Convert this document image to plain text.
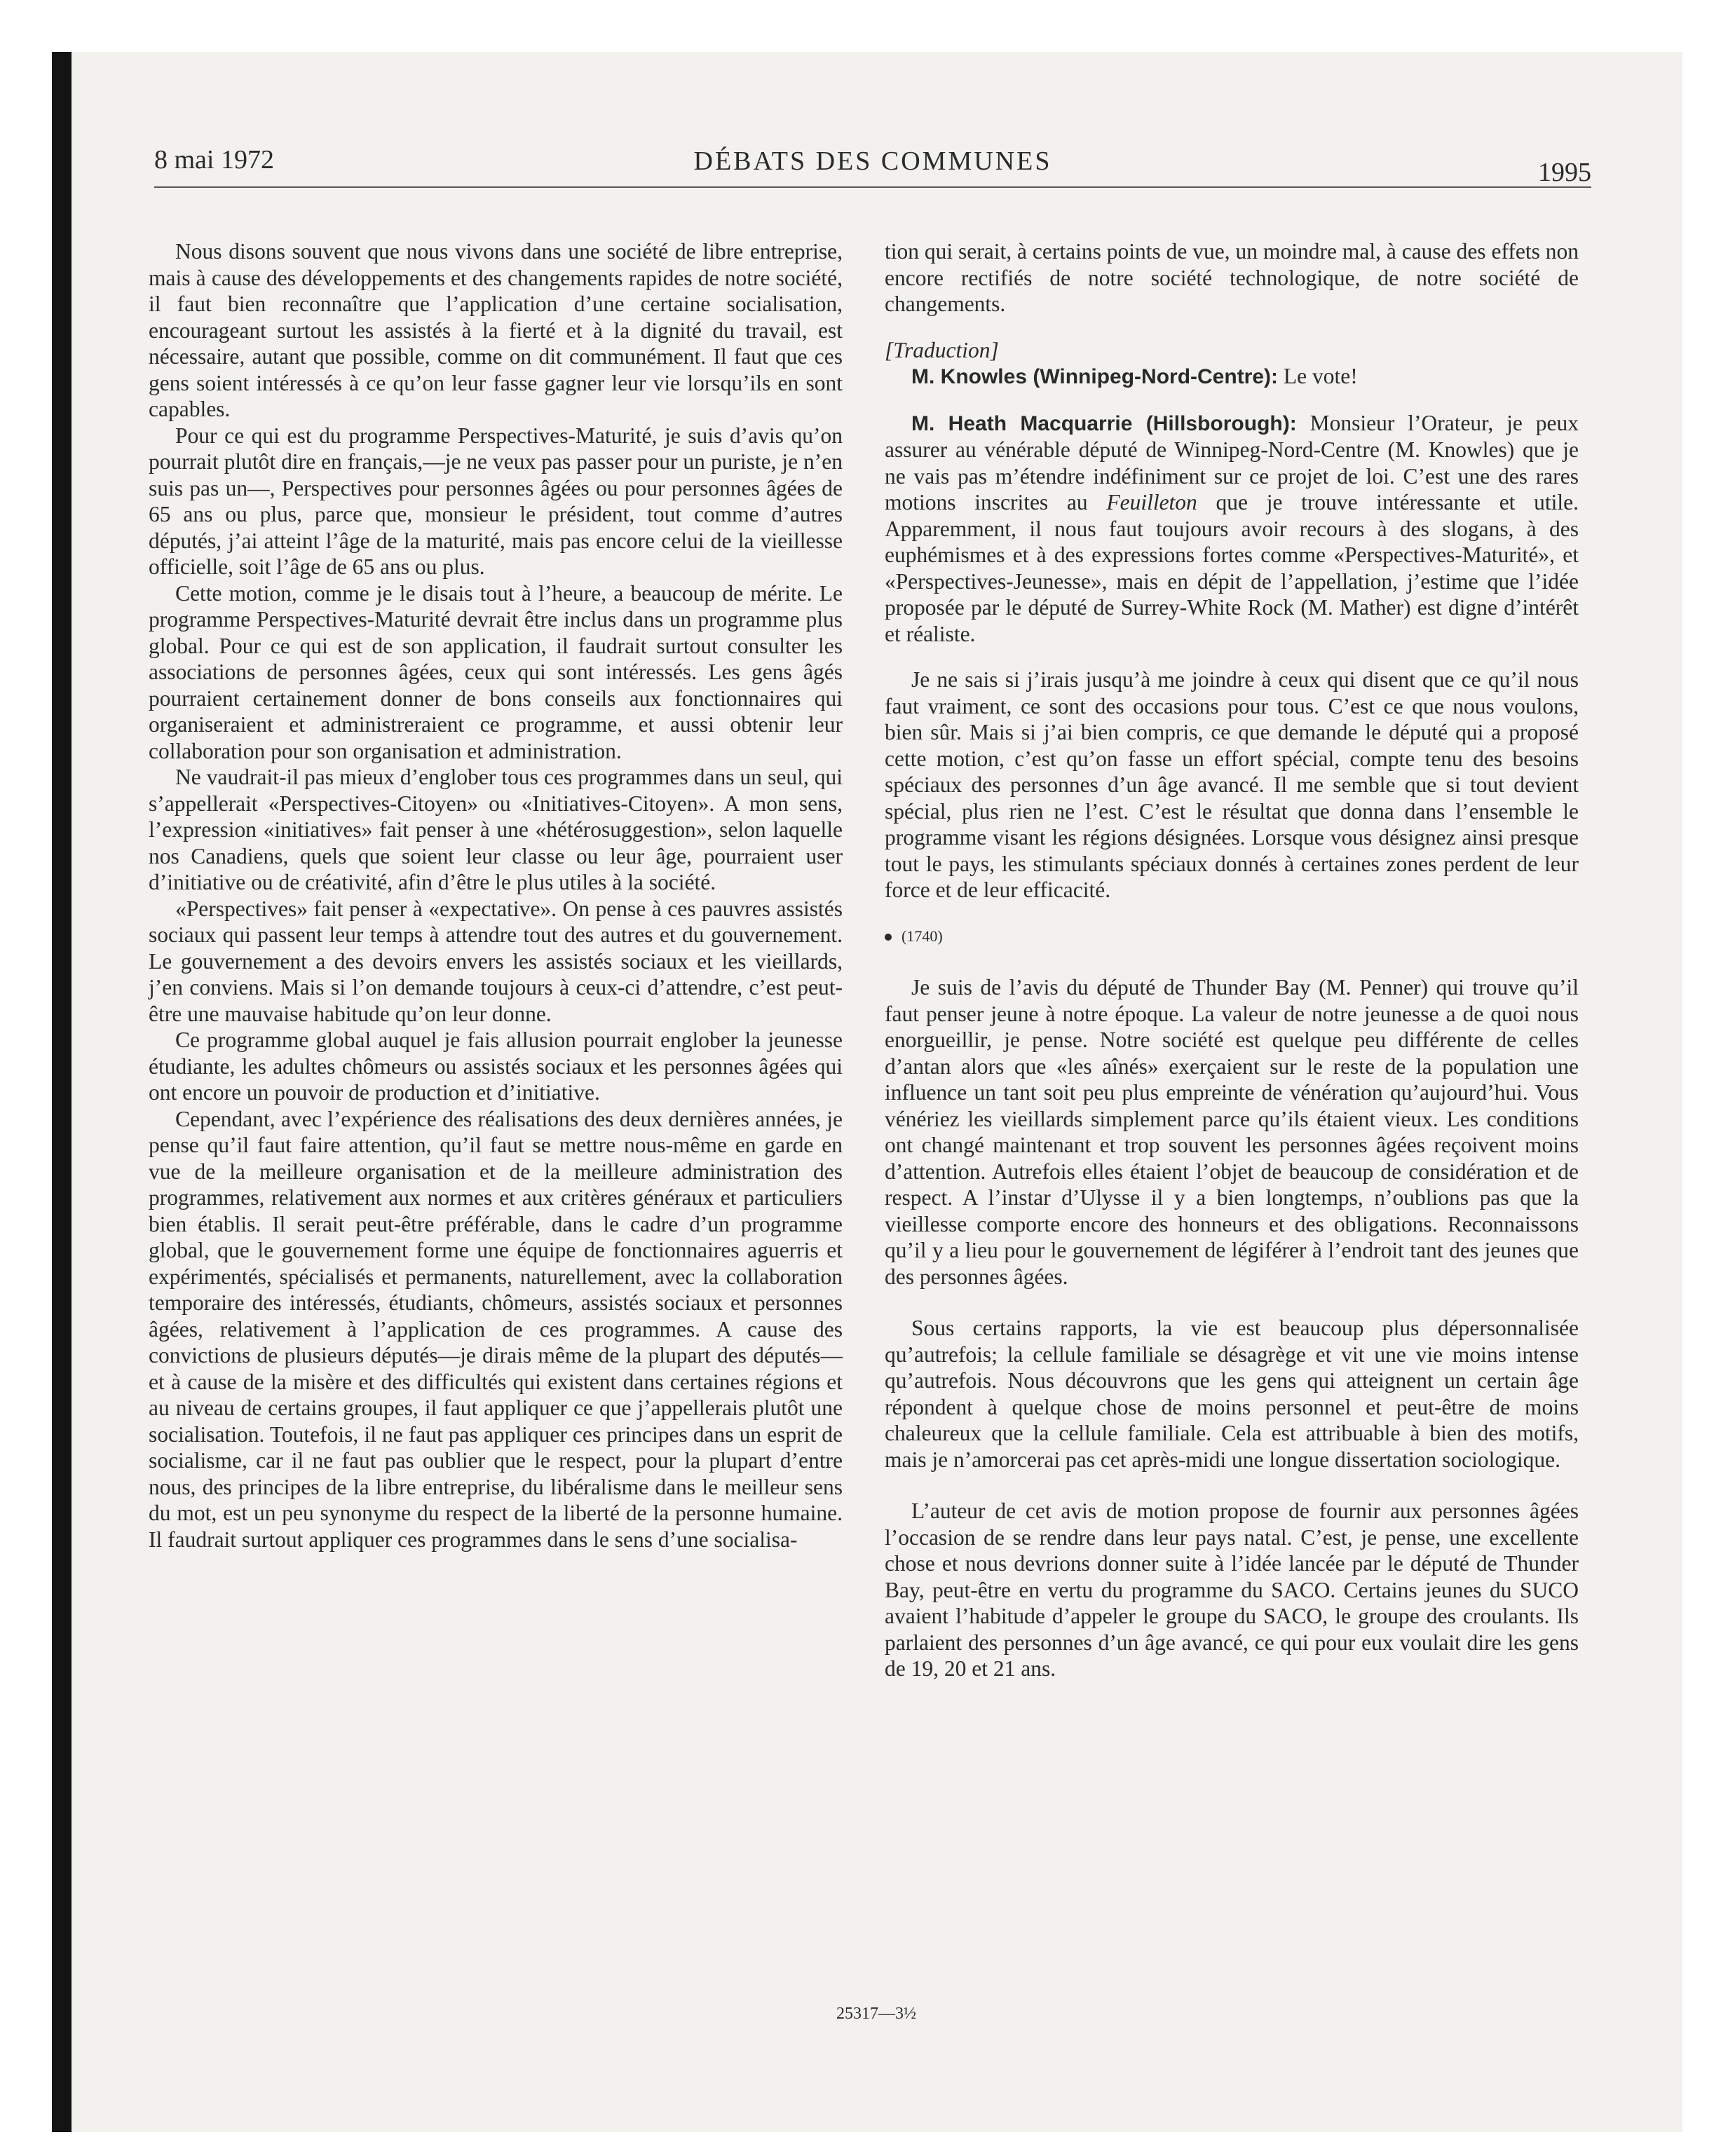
8 mai 1972	DÉBATS DES COMMUNES	1995

Nous disons souvent que nous vivons dans une société de libre entreprise, mais à cause des développements et des changements rapides de notre société, il faut bien reconnaître que l’application d’une certaine socialisation, encourageant surtout les assistés à la fierté et à la dignité du travail, est nécessaire, autant que possible, comme on dit communément. Il faut que ces gens soient intéressés à ce qu’on leur fasse gagner leur vie lorsqu’ils en sont capables.

Pour ce qui est du programme Perspectives-Maturité, je suis d’avis qu’on pourrait plutôt dire en français,—je ne veux pas passer pour un puriste, je n’en suis pas un—, Perspectives pour personnes âgées ou pour personnes âgées de 65 ans ou plus, parce que, monsieur le président, tout comme d’autres députés, j’ai atteint l’âge de la maturité, mais pas encore celui de la vieillesse officielle, soit l’âge de 65 ans ou plus.

Cette motion, comme je le disais tout à l’heure, a beaucoup de mérite. Le programme Perspectives-Maturité devrait être inclus dans un programme plus global. Pour ce qui est de son application, il faudrait surtout consulter les associations de personnes âgées, ceux qui sont intéressés. Les gens âgés pourraient certainement donner de bons conseils aux fonctionnaires qui organiseraient et administreraient ce programme, et aussi obtenir leur collaboration pour son organisation et administration.

Ne vaudrait-il pas mieux d’englober tous ces programmes dans un seul, qui s’appellerait «Perspectives-Citoyen» ou «Initiatives-Citoyen». A mon sens, l’expression «initiatives» fait penser à une «hétérosuggestion», selon laquelle nos Canadiens, quels que soient leur classe ou leur âge, pourraient user d’initiative ou de créativité, afin d’être le plus utiles à la société.

«Perspectives» fait penser à «expectative». On pense à ces pauvres assistés sociaux qui passent leur temps à attendre tout des autres et du gouvernement. Le gouvernement a des devoirs envers les assistés sociaux et les vieillards, j’en conviens. Mais si l’on demande toujours à ceux-ci d’attendre, c’est peut-être une mauvaise habitude qu’on leur donne.

Ce programme global auquel je fais allusion pourrait englober la jeunesse étudiante, les adultes chômeurs ou assistés sociaux et les personnes âgées qui ont encore un pouvoir de production et d’initiative.

Cependant, avec l’expérience des réalisations des deux dernières années, je pense qu’il faut faire attention, qu’il faut se mettre nous-même en garde en vue de la meilleure organisation et de la meilleure administration des programmes, relativement aux normes et aux critères généraux et particuliers bien établis. Il serait peut-être préférable, dans le cadre d’un programme global, que le gouvernement forme une équipe de fonctionnaires aguerris et expérimentés, spécialisés et permanents, naturellement, avec la collaboration temporaire des intéressés, étudiants, chômeurs, assistés sociaux et personnes âgées, relativement à l’application de ces programmes. A cause des convictions de plusieurs députés—je dirais même de la plupart des députés—et à cause de la misère et des difficultés qui existent dans certaines régions et au niveau de certains groupes, il faut appliquer ce que j’appellerais plutôt une socialisation. Toutefois, il ne faut pas appliquer ces principes dans un esprit de socialisme, car il ne faut pas oublier que le respect, pour la plupart d’entre nous, des principes de la libre entreprise, du libéralisme dans le meilleur sens du mot, est un peu synonyme du respect de la liberté de la personne humaine. Il faudrait surtout appliquer ces programmes dans le sens d’une socialisa-

tion qui serait, à certains points de vue, un moindre mal, à cause des effets non encore rectifiés de notre société technologique, de notre société de changements.

[Traduction]

M. Knowles (Winnipeg-Nord-Centre): Le vote!

M. Heath Macquarrie (Hillsborough): Monsieur l’Orateur, je peux assurer au vénérable député de Winnipeg-Nord-Centre (M. Knowles) que je ne vais pas m’étendre indéfiniment sur ce projet de loi. C’est une des rares motions inscrites au Feuilleton que je trouve intéressante et utile. Apparemment, il nous faut toujours avoir recours à des slogans, à des euphémismes et à des expressions fortes comme «Perspectives-Maturité», et «Perspectives-Jeunesse», mais en dépit de l’appellation, j’estime que l’idée proposée par le député de Surrey-White Rock (M. Mather) est digne d’intérêt et réaliste.

Je ne sais si j’irais jusqu’à me joindre à ceux qui disent que ce qu’il nous faut vraiment, ce sont des occasions pour tous. C’est ce que nous voulons, bien sûr. Mais si j’ai bien compris, ce que demande le député qui a proposé cette motion, c’est qu’on fasse un effort spécial, compte tenu des besoins spéciaux des personnes d’un âge avancé. Il me semble que si tout devient spécial, plus rien ne l’est. C’est le résultat que donna dans l’ensemble le programme visant les régions désignées. Lorsque vous désignez ainsi presque tout le pays, les stimulants spéciaux donnés à certaines zones perdent de leur force et de leur efficacité.

(1740)

Je suis de l’avis du député de Thunder Bay (M. Penner) qui trouve qu’il faut penser jeune à notre époque. La valeur de notre jeunesse a de quoi nous enorgueillir, je pense. Notre société est quelque peu différente de celles d’antan alors que «les aînés» exerçaient sur le reste de la population une influence un tant soit peu plus empreinte de vénération qu’aujourd’hui. Vous vénériez les vieillards simplement parce qu’ils étaient vieux. Les conditions ont changé maintenant et trop souvent les personnes âgées reçoivent moins d’attention. Autrefois elles étaient l’objet de beaucoup de considération et de respect. A l’instar d’Ulysse il y a bien longtemps, n’oublions pas que la vieillesse comporte encore des honneurs et des obligations. Reconnaissons qu’il y a lieu pour le gouvernement de légiférer à l’endroit tant des jeunes que des personnes âgées.

Sous certains rapports, la vie est beaucoup plus dépersonnalisée qu’autrefois; la cellule familiale se désagrège et vit une vie moins intense qu’autrefois. Nous découvrons que les gens qui atteignent un certain âge répondent à quelque chose de moins personnel et peut-être de moins chaleureux que la cellule familiale. Cela est attribuable à bien des motifs, mais je n’amorcerai pas cet après-midi une longue dissertation sociologique.

L’auteur de cet avis de motion propose de fournir aux personnes âgées l’occasion de se rendre dans leur pays natal. C’est, je pense, une excellente chose et nous devrions donner suite à l’idée lancée par le député de Thunder Bay, peut-être en vertu du programme du SACO. Certains jeunes du SUCO avaient l’habitude d’appeler le groupe du SACO, le groupe des croulants. Ils parlaient des personnes d’un âge avancé, ce qui pour eux voulait dire les gens de 19, 20 et 21 ans.

25317—3½
